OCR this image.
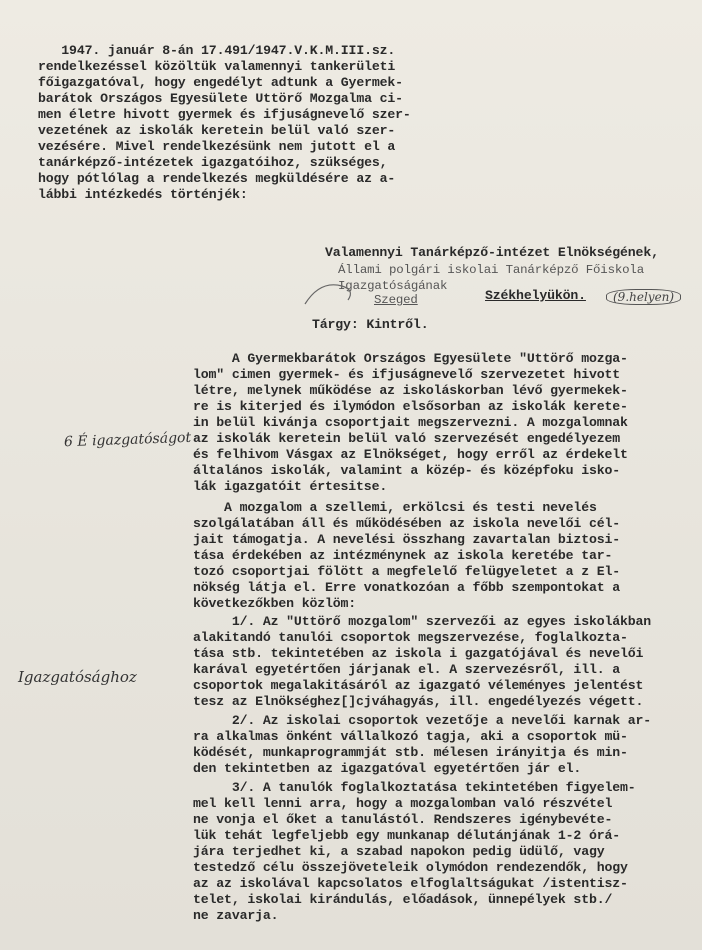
1947. január 8-án 17.491/1947.V.K.M.III.sz.
rendelkezéssel közöltük valamennyi tankerületi
főigazgatóval, hogy engedélyt adtunk a Gyermek-
barátok Országos Egyesülete Uttörő Mozgalma ci-
men életre hivott gyermek és ifjuságnevelő szer-
vezetének az iskolák keretein belül való szer-
vezésére. Mivel rendelkezésünk nem jutott el a
tanárképző-intézetek igazgatóihoz, szükséges,
hogy pótlólag a rendelkezés megküldésére az a-
lábbi intézkedés történjék:
Valamennyi Tanárképző-intézet Elnökségének,
Állami polgári iskolai Tanárképző Főiskola
Igazgatóságának
Szeged	Székhelyükön.	(9.helyen)
Tárgy: Kintről.
A Gyermekbarátok Országos Egyesülete "Uttörő mozga-
lom" cimen gyermek- és ifjuságnevelő szervezetet hivott
létre, melynek működése az iskoláskorban lévő gyermekek-
re is kiterjed és ilymódon elsősorban az iskolák kerete-
in belül kivánja csoportjait megszervezni. A mozgalomnak
az iskolák keretein belül való szervezését engedélyezem
és felhivom Vásgax az Elnökséget, hogy erről az érdekelt
általános iskolák, valamint a közép- és középfoku isko-
lák igazgatóit értesitse.
A mozgalom a szellemi, erkölcsi és testi nevelés
szolgálatában áll és működésében az iskola nevelői cél-
jait támogatja. A nevelési összhang zavartalan biztosi-
tása érdekében az intézménynek az iskola keretébe tar-
tozó csoportjai fölött a megfelelő felügyeletet a z El-
nökség látja el. Erre vonatkozóan a főbb szempontokat a
következőkben közlöm:
1/. Az "Uttörő mozgalom" szervezői az egyes iskolákban
alakitandó tanulói csoportok megszervezése, foglalkozta-
tása stb. tekintetében az iskola i gazgatójával és nevelői
karával egyetértően járjanak el. A szervezésről, ill. a
csoportok megalakitásáról az igazgató véleményes jelentést
tesz az Elnökséghez[]cjváhagyás, ill. engedélyezés végett.
2/. Az iskolai csoportok vezetője a nevelői karnak ar-
ra alkalmas önként vállalkozó tagja, aki a csoportok mü-
ködését, munkaprogrammját stb. mélesen irányitja és min-
den tekintetben az igazgatóval egyetértően jár el.
3/. A tanulók foglalkoztatása tekintetében figyelem-
mel kell lenni arra, hogy a mozgalomban való részvétel
ne vonja el őket a tanulástól. Rendszeres igénybevéte-
lük tehát legfeljebb egy munkanap délutánjának 1-2 órá-
jára terjedhet ki, a szabad napokon pedig üdülő, vagy
testedző célu összejöveteleik olymódon rendezendők, hogy
az az iskolával kapcsolatos elfoglaltságukat /istentisz-
telet, iskolai kirándulás, előadások, ünnepélyek stb./
ne zavarja.
6 É igazgatóságot
Igazgatósághoz
